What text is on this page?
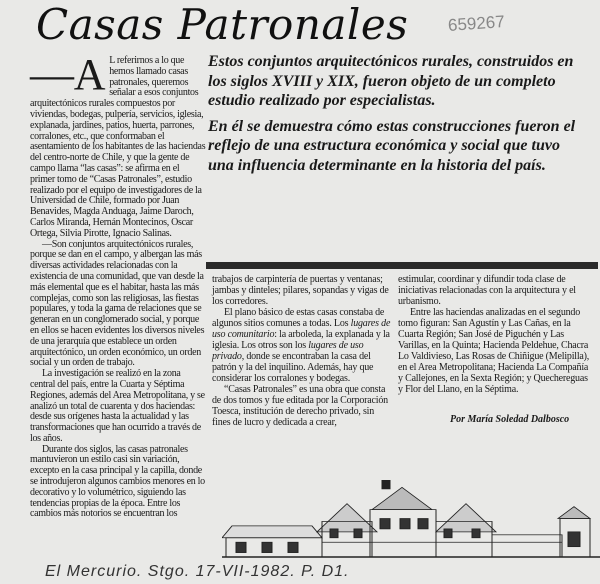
Casas Patronales 659267
—A L referirnos a lo que hemos llamado casas patronales, queremos señalar a esos conjuntos arquitectónicos rurales compuestos por viviendas, bodegas, pulpería, servicios, iglesia, explanada, jardines, patios, huerta, parrones, corralones, etc., que conformaban el asentamiento de los habitantes de las haciendas del centro-norte de Chile, y que la gente de campo llama “las casas”: se afirma en el primer tomo de “Casas Patronales”, estudio realizado por el equipo de investigadores de la Universidad de Chile, formado por Juan Benavides, Magda Anduaga, Jaime Daroch, Carlos Miranda, Hernán Montecinos, Oscar Ortega, Silvia Pirotte, Ignacio Salinas.

—Son conjuntos arquitectónicos rurales, porque se dan en el campo, y albergan las más diversas actividades relacionadas con la existencia de una comunidad, que van desde la más elemental que es el habitar, hasta las más complejas, como son las religiosas, las fiestas populares, y toda la gama de relaciones que se generan en un conglomerado social, y porque en ellos se hacen evidentes los diversos niveles de una jerarquía que establece un orden arquitectónico, un orden económico, un orden social y un orden de trabajo.

La investigación se realizó en la zona central del país, entre la Cuarta y Séptima Regiones, además del Area Metropolitana, y se analizó un total de cuarenta y dos haciendas: desde sus orígenes hasta la actualidad y las transformaciones que han ocurrido a través de los años.

Durante dos siglos, las casas patronales mantuvieron un estilo casi sin variación, excepto en la casa principal y la capilla, donde se introdujeron algunos cambios menores en lo decorativo y lo volumétrico, siguiendo las tendencias propias de la época. Entre los cambios más notorios se encuentran los

Estos conjuntos arquitectónicos rurales, construidos en los siglos XVIII y XIX, fueron objeto de un completo estudio realizado por especialistas.

En él se demuestra cómo estas construcciones fueron el reflejo de una estructura económica y social que tuvo una influencia determinante en la historia del país.

trabajos de carpintería de puertas y ventanas; jambas y dinteles; pilares, sopandas y vigas de los corredores.

El plano básico de estas casas constaba de algunos sitios comunes a todas. Los lugares de uso comunitario: la arboleda, la explanada y la iglesia. Los otros son los lugares de uso privado, donde se encontraban la casa del patrón y la del inquilino. Además, hay que considerar los corralones y bodegas.

“Casas Patronales” es una obra que consta de dos tomos y fue editada por la Corporación Toesca, institución de derecho privado, sin fines de lucro y dedicada a crear,

estimular, coordinar y difundir toda clase de iniciativas relacionadas con la arquitectura y el urbanismo.

Entre las haciendas analizadas en el segundo tomo figuran: San Agustín y Las Cañas, en la Cuarta Región; San José de Piguchén y Las Varillas, en la Quinta; Hacienda Peldehue, Chacra Lo Valdivieso, Las Rosas de Chiñigue (Melipilla), en el Area Metropolitana; Hacienda La Compañía y Callejones, en la Sexta Región; y Quechereguas y Flor del Llano, en la Séptima.

Por María Soledad Dalbosco
El Mercurio. Stgo. 17-VII-1982. P. D1.
